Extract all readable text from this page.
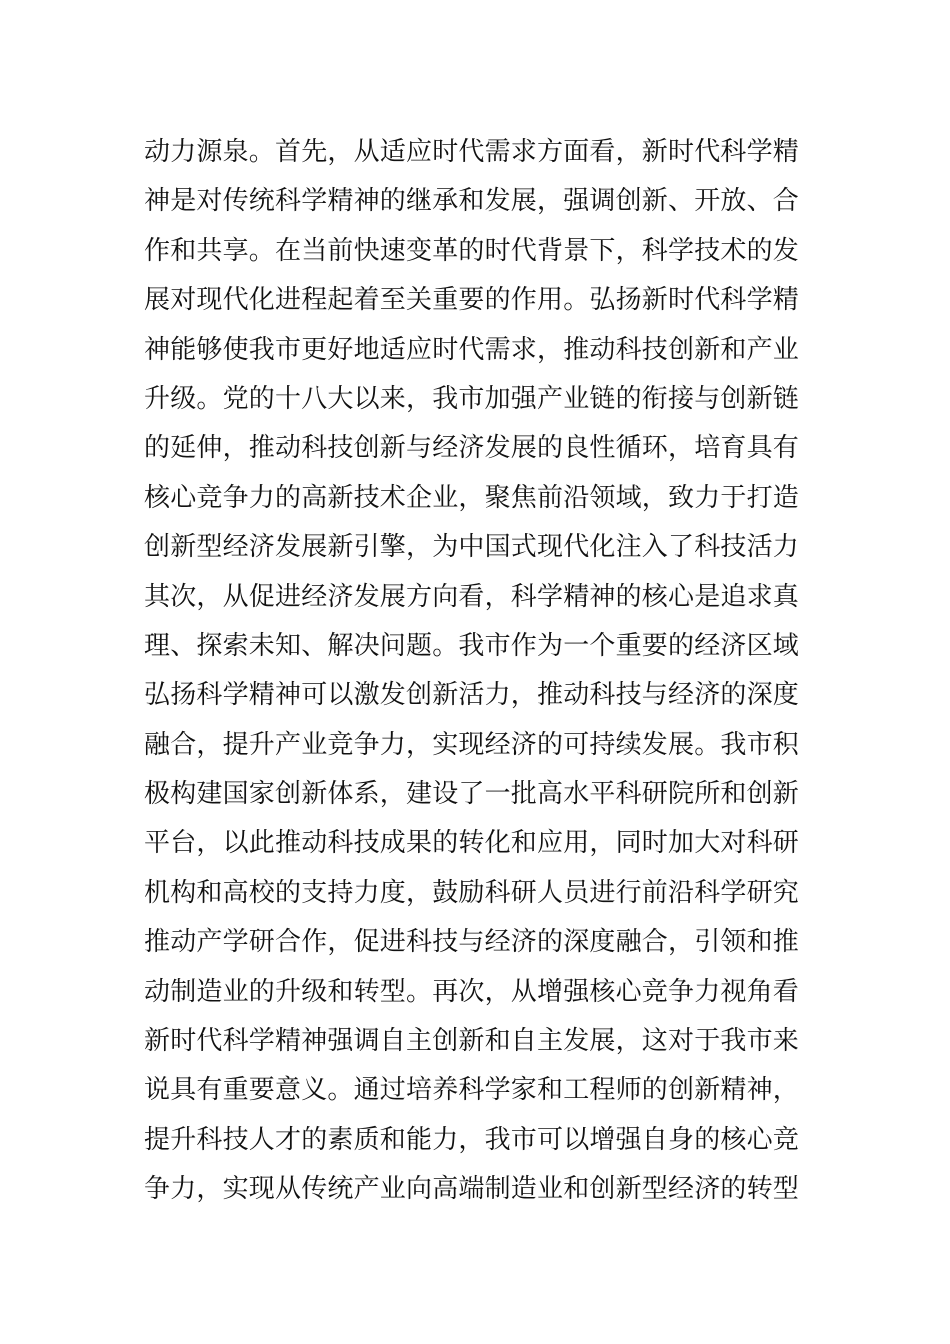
动力源泉。首先，从适应时代需求方面看，新时代科学精
神是对传统科学精神的继承和发展，强调创新、开放、合
作和共享。在当前快速变革的时代背景下，科学技术的发
展对现代化进程起着至关重要的作用。弘扬新时代科学精
神能够使我市更好地适应时代需求，推动科技创新和产业
升级。党的十八大以来，我市加强产业链的衔接与创新链
的延伸，推动科技创新与经济发展的良性循环，培育具有
核心竞争力的高新技术企业，聚焦前沿领域，致力于打造
创新型经济发展新引擎，为中国式现代化注入了科技活力
其次，从促进经济发展方向看，科学精神的核心是追求真
理、探索未知、解决问题。我市作为一个重要的经济区域
弘扬科学精神可以激发创新活力，推动科技与经济的深度
融合，提升产业竞争力，实现经济的可持续发展。我市积
极构建国家创新体系，建设了一批高水平科研院所和创新
平台，以此推动科技成果的转化和应用，同时加大对科研
机构和高校的支持力度，鼓励科研人员进行前沿科学研究
推动产学研合作，促进科技与经济的深度融合，引领和推
动制造业的升级和转型。再次，从增强核心竞争力视角看
新时代科学精神强调自主创新和自主发展，这对于我市来
说具有重要意义。通过培养科学家和工程师的创新精神，
提升科技人才的素质和能力，我市可以增强自身的核心竞
争力，实现从传统产业向高端制造业和创新型经济的转型
